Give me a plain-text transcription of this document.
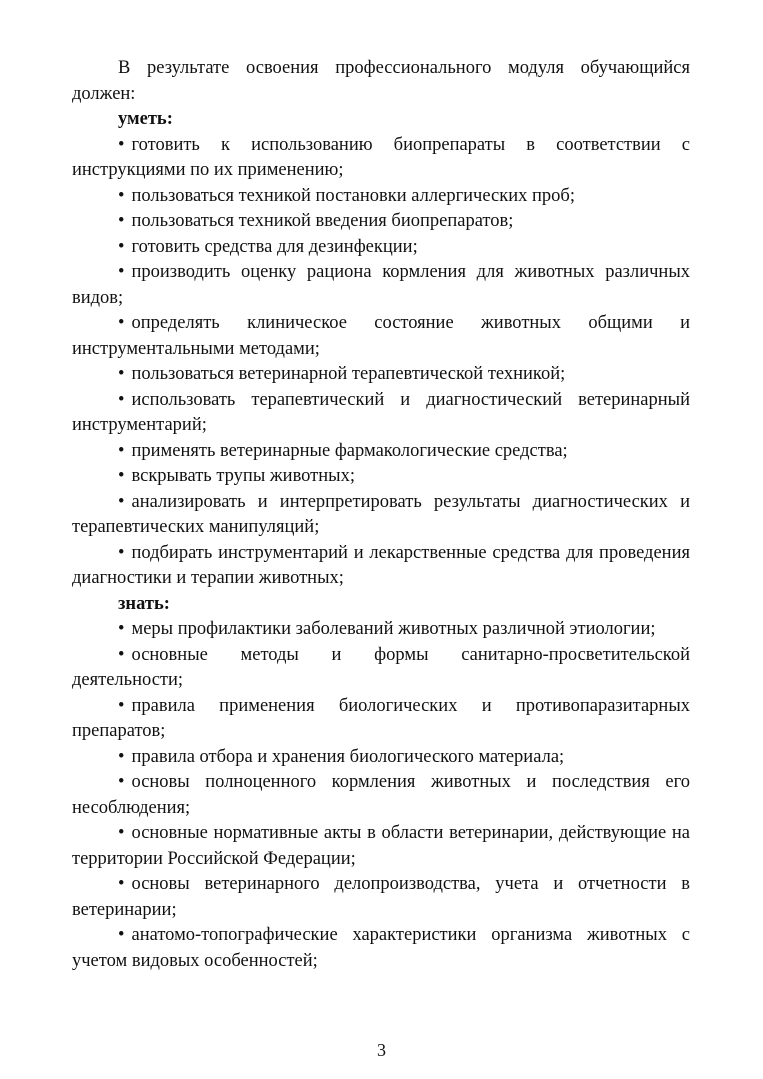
В результате освоения профессионального модуля обучающийся должен:

уметь:

• готовить к использованию биопрепараты в соответствии с инструкциями по их применению;

• пользоваться техникой постановки аллергических проб;

• пользоваться техникой введения биопрепаратов;

• готовить средства для дезинфекции;

• производить оценку рациона кормления для животных различных видов;

• определять клиническое состояние животных общими и инструментальными методами;

• пользоваться ветеринарной терапевтической техникой;

• использовать терапевтический и диагностический ветеринарный инструментарий;

• применять ветеринарные фармакологические средства;

• вскрывать трупы животных;

• анализировать и интерпретировать результаты диагностических и терапевтических манипуляций;

• подбирать инструментарий и лекарственные средства для проведения диагностики и терапии животных;

знать:

• меры профилактики заболеваний животных различной этиологии;

• основные методы и формы санитарно-просветительской деятельности;

• правила применения биологических и противопаразитарных препаратов;

• правила отбора и хранения биологического материала;

• основы полноценного кормления животных и последствия его несоблюдения;

• основные нормативные акты в области ветеринарии, действующие на территории Российской Федерации;

• основы ветеринарного делопроизводства, учета и отчетности в ветеринарии;

• анатомо-топографические характеристики организма животных с учетом видовых особенностей;

3
